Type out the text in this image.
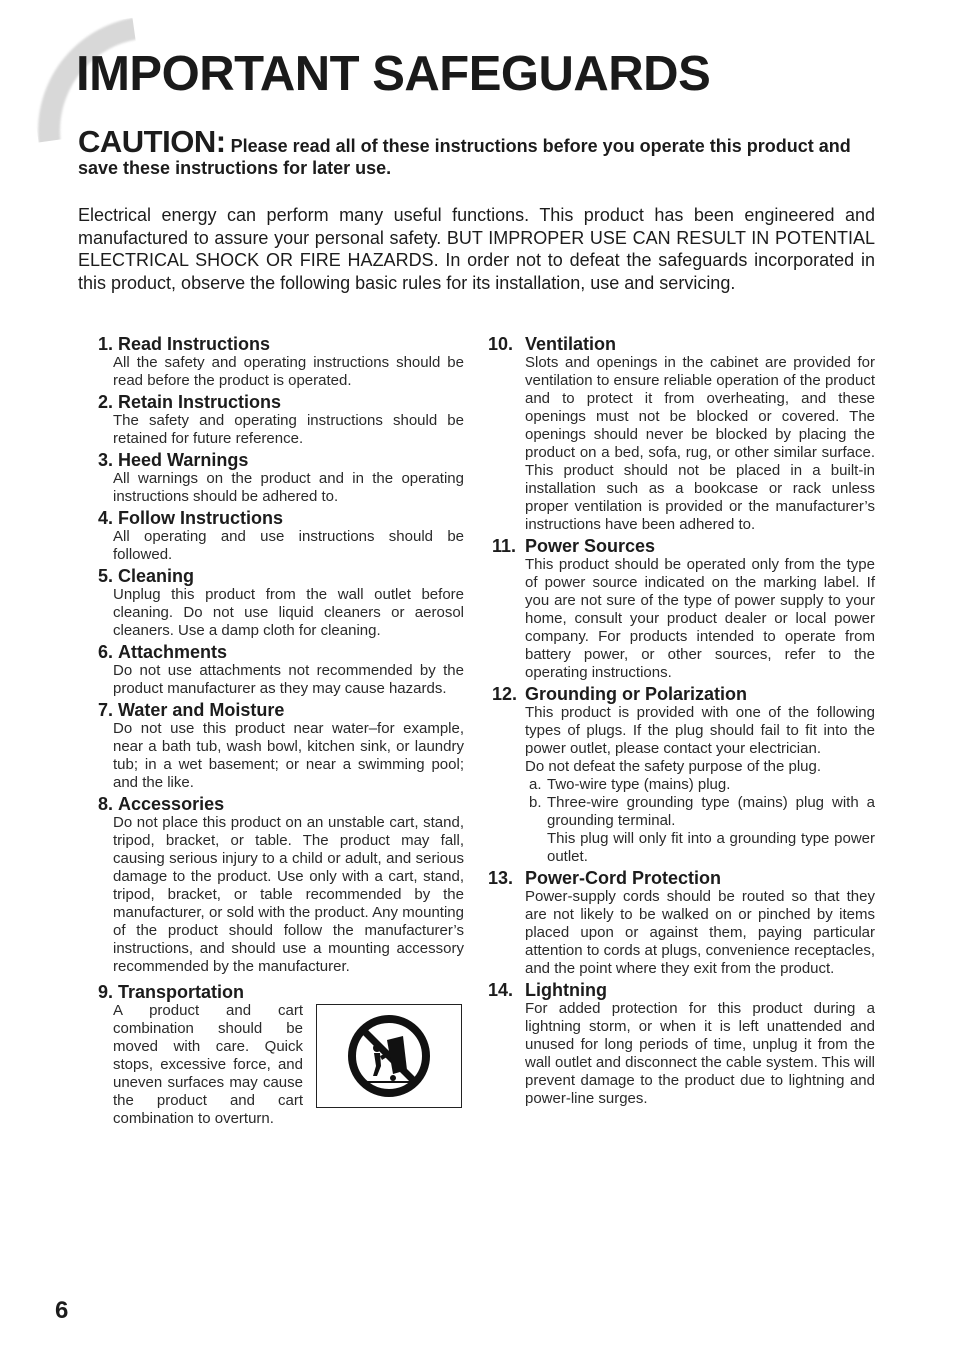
IMPORTANT SAFEGUARDS

CAUTION: Please read all of these instructions before you operate this product and save these instructions for later use.

Electrical energy can perform many useful functions. This product has been engineered and manufactured to assure your personal safety. BUT IMPROPER USE CAN RESULT IN POTENTIAL ELECTRICAL SHOCK OR FIRE HAZARDS. In order not to defeat the safeguards incorporated in this product, observe the following basic rules for its installation, use and servicing.

1.
Read Instructions
All the safety and operating instructions should be read before the product is operated.
2.
Retain Instructions
The safety and operating instructions should be retained for future reference.
3.
Heed Warnings
All warnings on the product and in the operating instructions should be adhered to.
4.
Follow Instructions
All operating and use instructions should be followed.
5.
Cleaning
Unplug this product from the wall outlet before cleaning. Do not use liquid cleaners or aerosol cleaners. Use a damp cloth for cleaning.
6.
Attachments
Do not use attachments not recommended by the product manufacturer as they may cause hazards.
7.
Water and Moisture
Do not use this product near water–for example, near a bath tub, wash bowl, kitchen sink, or laundry tub; in a wet basement; or near a swimming pool; and the like.
8.
Accessories
Do not place this product on an unstable cart, stand, tripod, bracket, or table. The product may fall, causing serious injury to a child or adult, and serious damage to the product. Use only with a cart, stand, tripod, bracket, or table recommended by the manufacturer, or sold with the product. Any mounting of the product should follow the manufacturer’s instructions, and should use a mounting accessory recommended by the manufacturer.
9.
Transportation
A product and cart combination should be moved with care. Quick stops, excessive force, and uneven surfaces may cause the product and cart combination to overturn.
10. Ventilation
Slots and openings in the cabinet are provided for ventilation to ensure reliable operation of the product and to protect it from overheating, and these openings must not be blocked or covered. The openings should never be blocked by placing the product on a bed, sofa, rug, or other similar surface. This product should not be placed in a built-in installation such as a bookcase or rack unless proper ventilation is provided or the manufacturer’s instructions have been adhered to.
11. Power Sources
This product should be operated only from the type of power source indicated on the marking label. If you are not sure of the type of power supply to your home, consult your product dealer or local power company. For products intended to operate from battery power, or other sources, refer to the operating instructions.
12. Grounding or Polarization
This product is provided with one of the following types of plugs. If the plug should fail to fit into the power outlet, please contact your electrician.
Do not defeat the safety purpose of the plug.
a. Two-wire type (mains) plug.
b. Three-wire grounding type (mains) plug with a grounding terminal.
This plug will only fit into a grounding type power outlet.
13. Power-Cord Protection
Power-supply cords should be routed so that they are not likely to be walked on or pinched by items placed upon or against them, paying particular attention to cords at plugs, convenience receptacles, and the point where they exit from the product.
14. Lightning
For added protection for this product during a lightning storm, or when it is left unattended and unused for long periods of time, unplug it from the wall outlet and disconnect the cable system. This will prevent damage to the product due to lightning and power-line surges.
6
